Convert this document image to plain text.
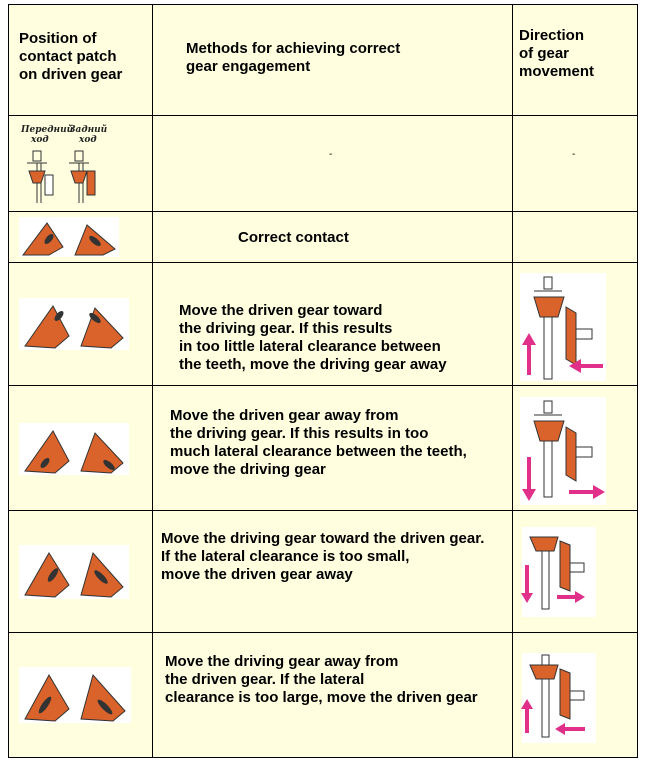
Position of
contact patch
on driven gear
Methods for achieving correct
gear engagement
Direction
of gear
movement
Передний
ход
Задний
ход
-	-
Correct contact
Move the driven gear toward
the driving gear. If this results
in too little lateral clearance between
the teeth, move the driving gear away
Move the driven gear away from
the driving gear. If this results in too
much lateral clearance between the teeth,
move the driving gear
Move the driving gear toward the driven gear.
If the lateral clearance is too small,
move the driven gear away
Move the driving gear away from
the driven gear. If the lateral
clearance is too large, move the driven gear
